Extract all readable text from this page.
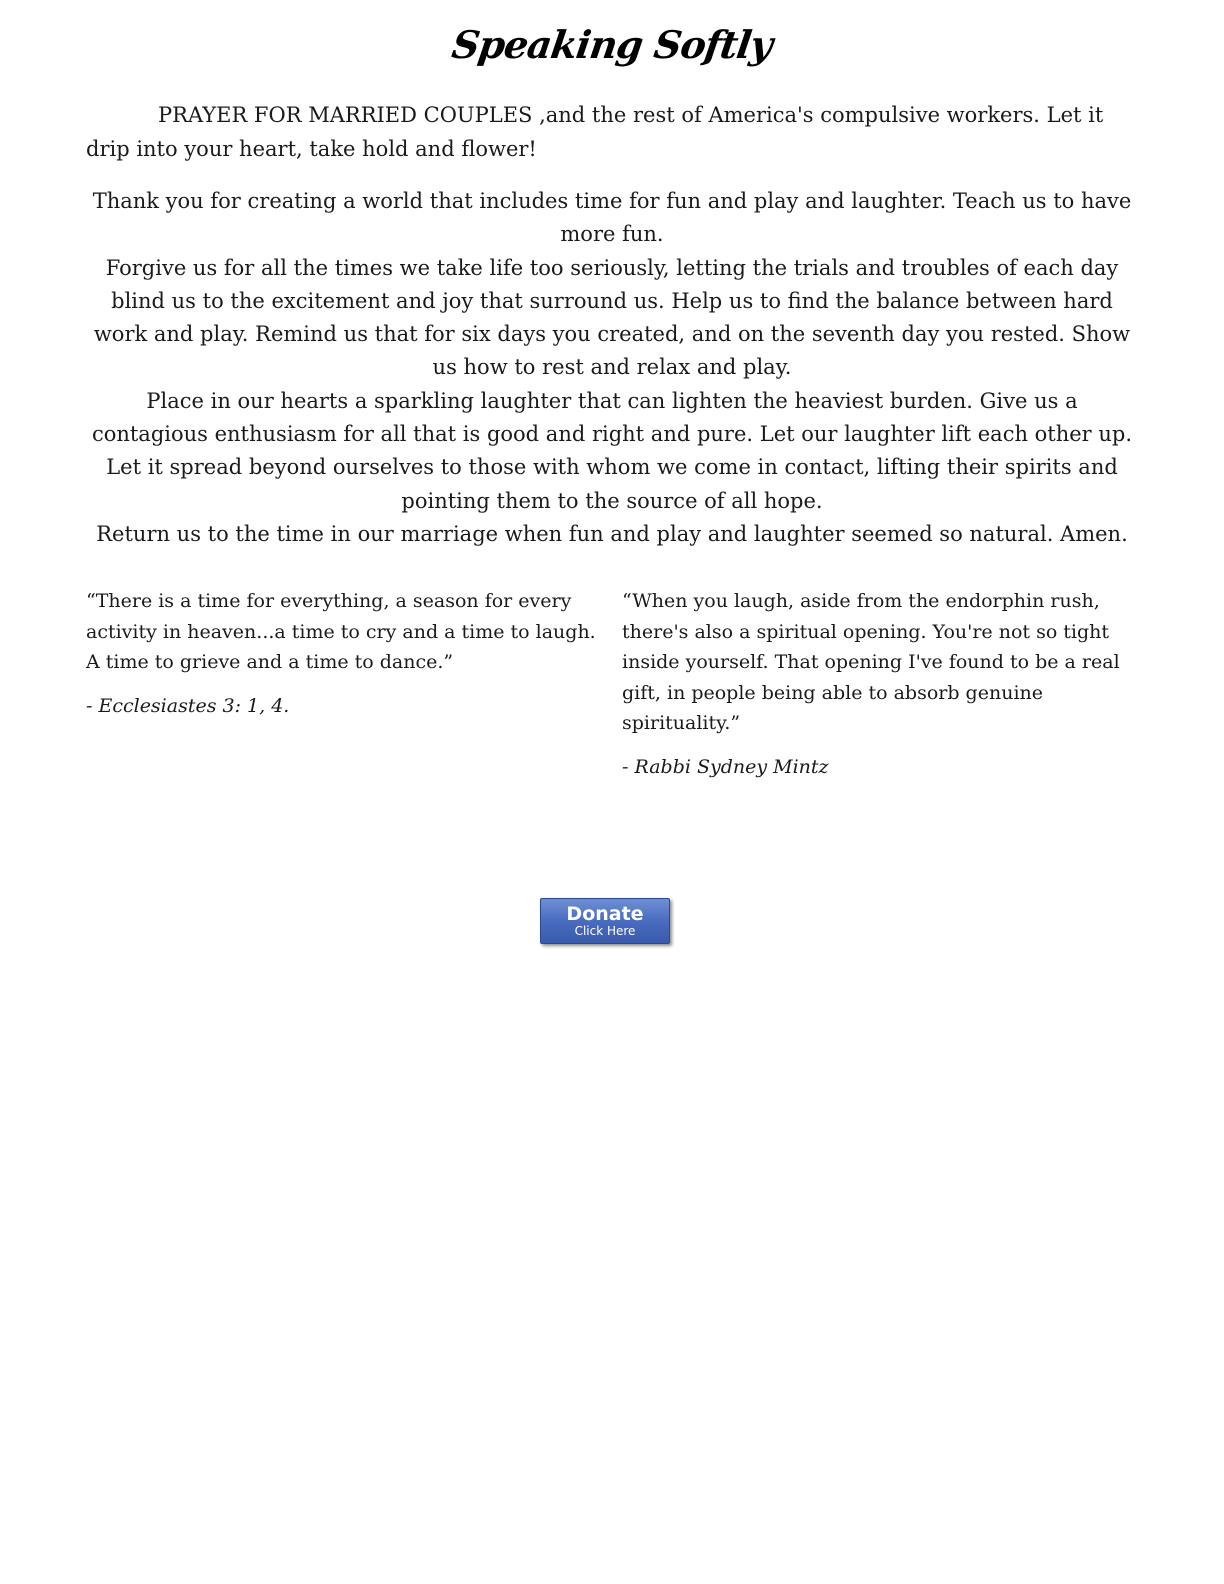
Speaking Softly
PRAYER FOR MARRIED COUPLES ,and the rest of America's compulsive workers. Let it drip into your heart, take hold and flower!

Thank you for creating a world that includes time for fun and play and laughter. Teach us to have more fun.

Forgive us for all the times we take life too seriously, letting the trials and troubles of each day blind us to the excitement and joy that surround us. Help us to find the balance between hard work and play. Remind us that for six days you created, and on the seventh day you rested. Show us how to rest and relax and play.

Place in our hearts a sparkling laughter that can lighten the heaviest burden. Give us a contagious enthusiasm for all that is good and right and pure. Let our laughter lift each other up. Let it spread beyond ourselves to those with whom we come in contact, lifting their spirits and pointing them to the source of all hope.

Return us to the time in our marriage when fun and play and laughter seemed so natural. Amen.

“There is a time for everything, a season for every activity in heaven...a time to cry and a time to laugh. A time to grieve and a time to dance.”

- Ecclesiastes 3: 1, 4.

“When you laugh, aside from the endorphin rush, there's also a spiritual opening. You're not so tight inside yourself. That opening I've found to be a real gift, in people being able to absorb genuine spirituality.”

- Rabbi Sydney Mintz

Donate
Click Here
